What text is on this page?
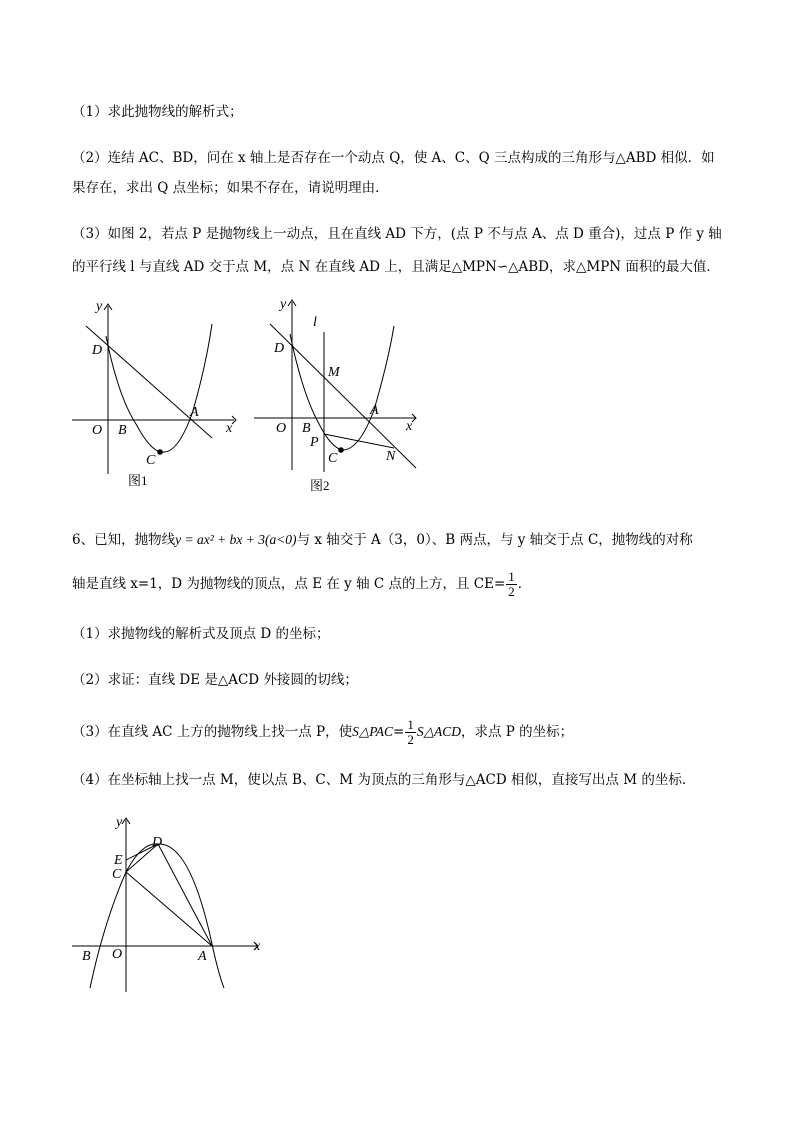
（1）求此抛物线的解析式；
（2）连结 AC、BD，问在 x 轴上是否存在一个动点 Q，使 A、C、Q 三点构成的三角形与△ABD 相似．如
果存在，求出 Q 点坐标；如果不存在，请说明理由．
（3）如图 2，若点 P 是抛物线上一动点，且在直线 AD 下方，(点 P 不与点 A、点 D 重合)，过点 P 作 y 轴
的平行线 l 与直线 AD 交于点 M，点 N 在直线 AD 上，且满足△MPN∽△ABD，求△MPN 面积的最大值．
y
D
O B
A
x
C
图1
y
l
D
M
A
x
O B
P
C	N
图2
6、已知，抛物线y = ax² + bx + 3(a<0)与 x 轴交于 A（3，0）、B 两点，与 y 轴交于点 C，抛物线的对称
轴是直线 x=1，D 为抛物线的顶点，点 E 在 y 轴 C 点的上方，且 $CE= \frac{1}{2}$ ．
（1）求抛物线的解析式及顶点 D 的坐标；
（2）求证：直线 DE 是△ACD 外接圆的切线；
（3）在直线 AC 上方的抛物线上找一点 P，使S△PAC= $\frac{1}{2}$ S△ACD，求点 P 的坐标；
（4）在坐标轴上找一点 M，使以点 B、C、M 为顶点的三角形与△ACD 相似，直接写出点 M 的坐标．
y
D
E
C
x
B O	A
